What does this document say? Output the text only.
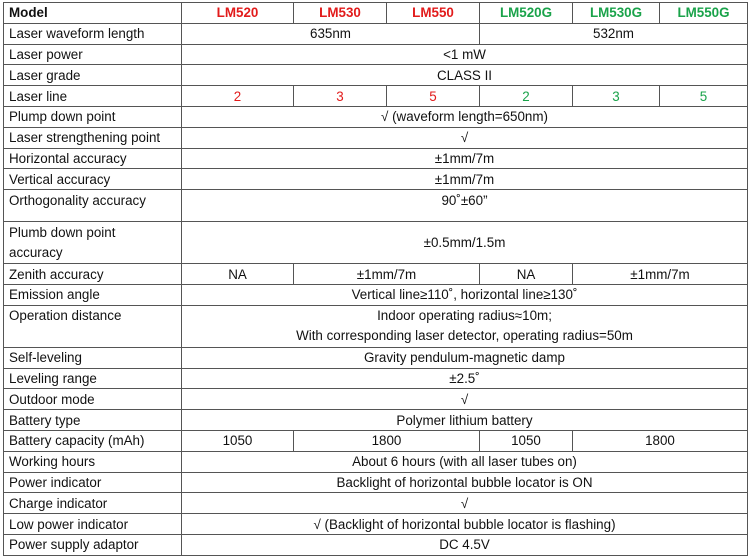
Model	LM520	LM530	LM550	LM520G	LM530G	LM550G
Laser waveform length	635nm			532nm		
Laser power	<1 mW					
Laser grade	CLASS II					
Laser line	2	3	5	2	3	5
Plump down point	√ (waveform length=650nm)					
Laser strengthening point	√					
Horizontal accuracy	±1mm/7m					
Vertical accuracy	±1mm/7m					
Orthogonality accuracy	90˚±60”					

Plumb down point
accuracy	±0.5mm/1.5m					
Zenith accuracy	NA	±1mm/7m		NA	±1mm/7m	
Emission angle	Vertical line≥110˚, horizontal line≥130˚					
Operation distance	Indoor operating radius≈10m;
With corresponding laser detector, operating radius=50m					

Self-leveling	Gravity pendulum-magnetic damp					
Leveling range	±2.5˚					
Outdoor mode	√					
Battery type	Polymer lithium battery					
Battery capacity (mAh)	1050	1800		1050	1800	
Working hours	About 6 hours (with all laser tubes on)					
Power indicator	Backlight of horizontal bubble locator is ON					
Charge indicator	√					
Low power indicator	√ (Backlight of horizontal bubble locator is flashing)					
Power supply adaptor	DC 4.5V					
